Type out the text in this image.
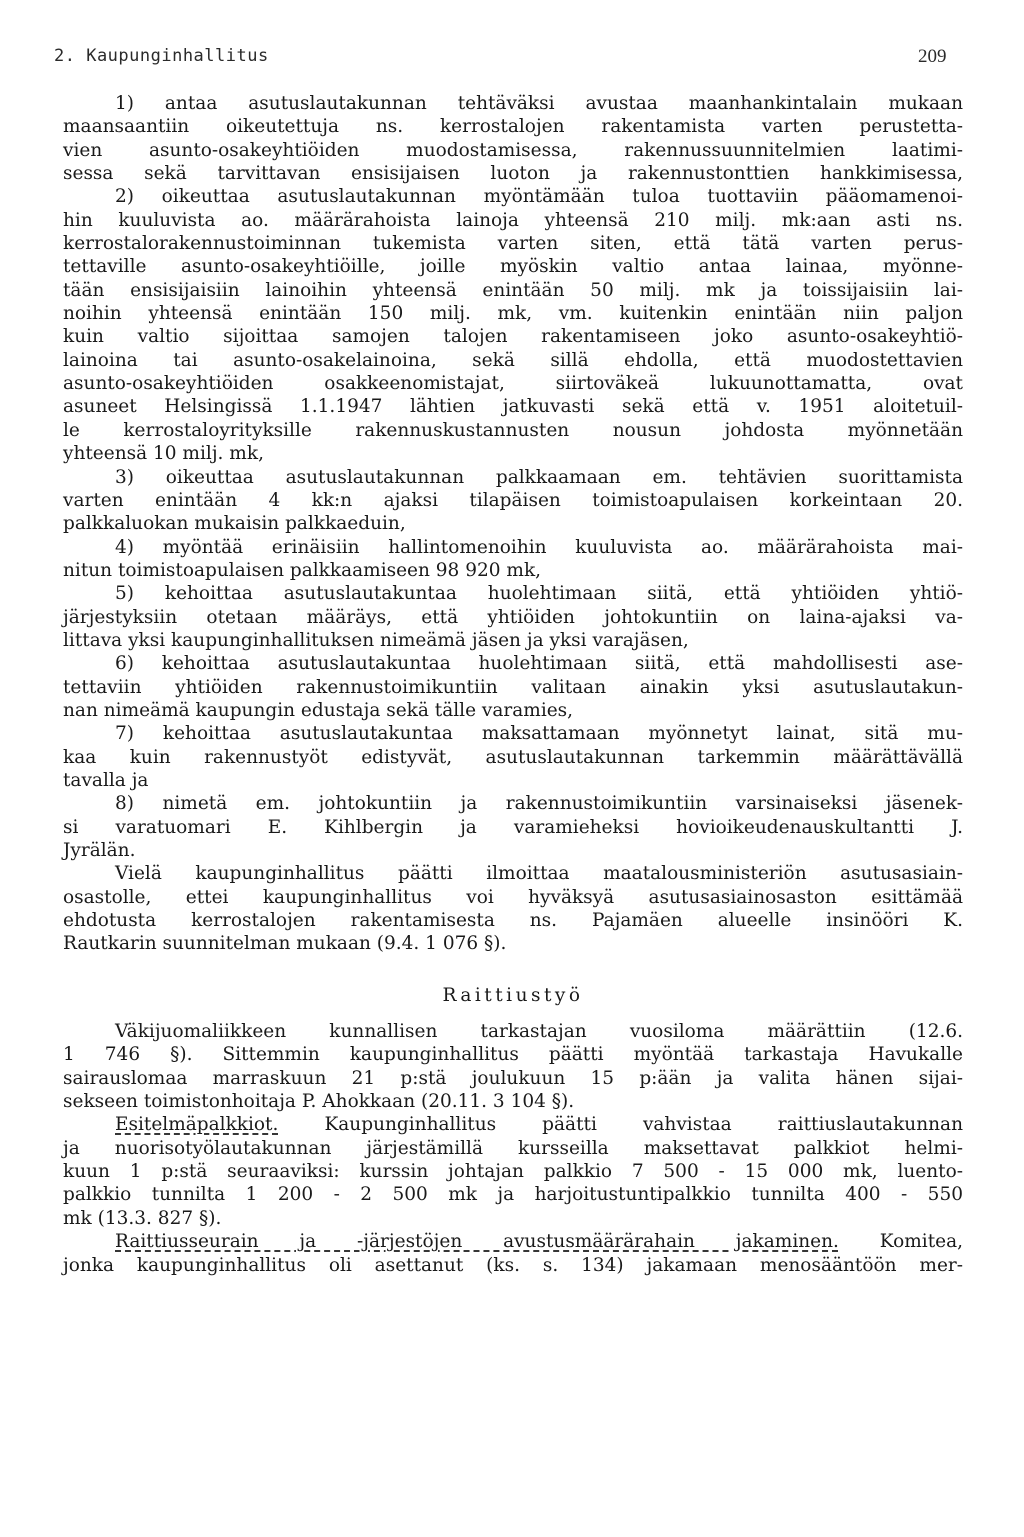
2. Kaupunginhallitus	209
1) antaa asutuslautakunnan tehtäväksi avustaa maanhankintalain mukaan
maansaantiin oikeutettuja ns. kerrostalojen rakentamista varten perustetta-
vien asunto-osakeyhtiöiden muodostamisessa, rakennussuunnitelmien laatimi-
sessa sekä tarvittavan ensisijaisen luoton ja rakennustonttien hankkimisessa,
2) oikeuttaa asutuslautakunnan myöntämään tuloa tuottaviin pääomamenoi-
hin kuuluvista ao. määrärahoista lainoja yhteensä 210 milj. mk:aan asti ns.
kerrostalorakennustoiminnan tukemista varten siten, että tätä varten perus-
tettaville asunto-osakeyhtiöille, joille myöskin valtio antaa lainaa, myönne-
tään ensisijaisiin lainoihin yhteensä enintään 50 milj. mk ja toissijaisiin lai-
noihin yhteensä enintään 150 milj. mk, vm. kuitenkin enintään niin paljon
kuin valtio sijoittaa samojen talojen rakentamiseen joko asunto-osakeyhtiö-
lainoina tai asunto-osakelainoina, sekä sillä ehdolla, että muodostettavien
asunto-osakeyhtiöiden osakkeenomistajat, siirtoväkeä lukuunottamatta, ovat
asuneet Helsingissä 1.1.1947 lähtien jatkuvasti sekä että v. 1951 aloitetuil-
le kerrostaloyrityksille rakennuskustannusten nousun johdosta myönnetään
yhteensä 10 milj. mk,
3) oikeuttaa asutuslautakunnan palkkaamaan em. tehtävien suorittamista
varten enintään 4 kk:n ajaksi tilapäisen toimistoapulaisen korkeintaan 20.
palkkaluokan mukaisin palkkaeduin,
4) myöntää erinäisiin hallintomenoihin kuuluvista ao. määrärahoista mai-
nitun toimistoapulaisen palkkaamiseen 98 920 mk,
5) kehoittaa asutuslautakuntaa huolehtimaan siitä, että yhtiöiden yhtiö-
järjestyksiin otetaan määräys, että yhtiöiden johtokuntiin on laina-ajaksi va-
littava yksi kaupunginhallituksen nimeämä jäsen ja yksi varajäsen,
6) kehoittaa asutuslautakuntaa huolehtimaan siitä, että mahdollisesti ase-
tettaviin yhtiöiden rakennustoimikuntiin valitaan ainakin yksi asutuslautakun-
nan nimeämä kaupungin edustaja sekä tälle varamies,
7) kehoittaa asutuslautakuntaa maksattamaan myönnetyt lainat, sitä mu-
kaa kuin rakennustyöt edistyvät, asutuslautakunnan tarkemmin määrättävällä
tavalla ja
8) nimetä em. johtokuntiin ja rakennustoimikuntiin varsinaiseksi jäsenek-
si varatuomari E. Kihlbergin ja varamieheksi hovioikeudenauskultantti J.
Jyrälän.
Vielä kaupunginhallitus päätti ilmoittaa maatalousministeriön asutusasiain-
osastolle, ettei kaupunginhallitus voi hyväksyä asutusasiainosaston esittämää
ehdotusta kerrostalojen rakentamisesta ns. Pajamäen alueelle insinööri K.
Rautkarin suunnitelman mukaan (9.4. 1 076 §).
Raittiustyö
Väkijuomaliikkeen kunnallisen tarkastajan vuosiloma määrättiin (12.6.
1 746 §). Sittemmin kaupunginhallitus päätti myöntää tarkastaja Havukalle
sairauslomaa marraskuun 21 p:stä joulukuun 15 p:ään ja valita hänen sijai-
sekseen toimistonhoitaja P. Ahokkaan (20.11. 3 104 §).
Esitelmäpalkkiot. Kaupunginhallitus päätti vahvistaa raittiuslautakunnan
ja nuorisotyölautakunnan järjestämillä kursseilla maksettavat palkkiot helmi-
kuun 1 p:stä seuraaviksi: kurssin johtajan palkkio 7 500 - 15 000 mk, luento-
palkkio tunnilta 1 200 - 2 500 mk ja harjoitustuntipalkkio tunnilta 400 - 550
mk (13.3. 827 §).
Raittiusseurain ja -järjestöjen avustusmäärärahain jakaminen. Komitea,
jonka kaupunginhallitus oli asettanut (ks. s. 134) jakamaan menosääntöön mer-
